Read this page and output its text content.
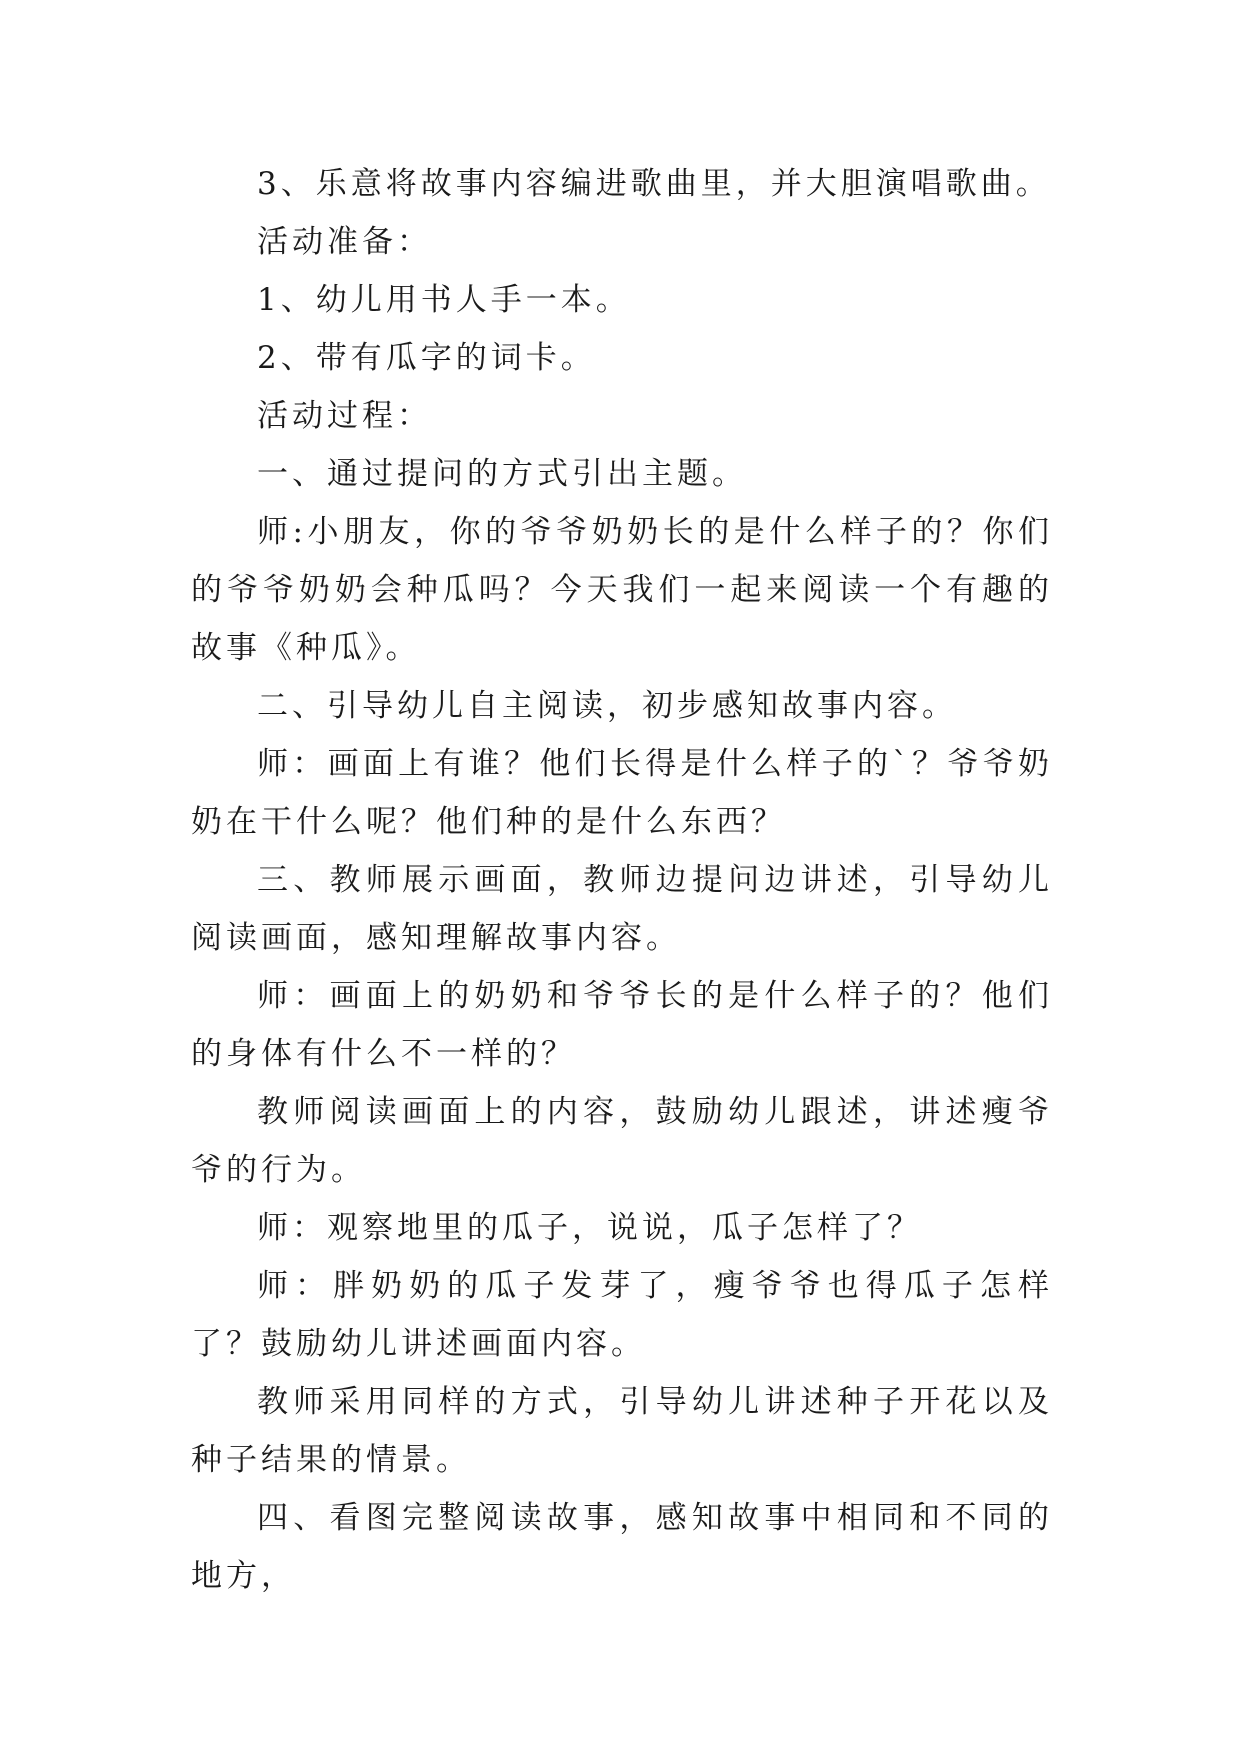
3、乐意将故事内容编进歌曲里，并大胆演唱歌曲。

活动准备：

1、幼儿用书人手一本。

2、带有瓜字的词卡。

活动过程：

一、通过提问的方式引出主题。

师:小朋友，你的爷爷奶奶长的是什么样子的？你们的爷爷奶奶会种瓜吗？今天我们一起来阅读一个有趣的故事《种瓜》。

二、引导幼儿自主阅读，初步感知故事内容。

师：画面上有谁？他们长得是什么样子的`？爷爷奶奶在干什么呢？他们种的是什么东西？

三、教师展示画面，教师边提问边讲述，引导幼儿阅读画面，感知理解故事内容。

师：画面上的奶奶和爷爷长的是什么样子的？他们的身体有什么不一样的？

教师阅读画面上的内容，鼓励幼儿跟述，讲述瘦爷爷的行为。

师：观察地里的瓜子，说说，瓜子怎样了？

师：胖奶奶的瓜子发芽了，瘦爷爷也得瓜子怎样了？鼓励幼儿讲述画面内容。

教师采用同样的方式，引导幼儿讲述种子开花以及种子结果的情景。

四、看图完整阅读故事，感知故事中相同和不同的地方，
